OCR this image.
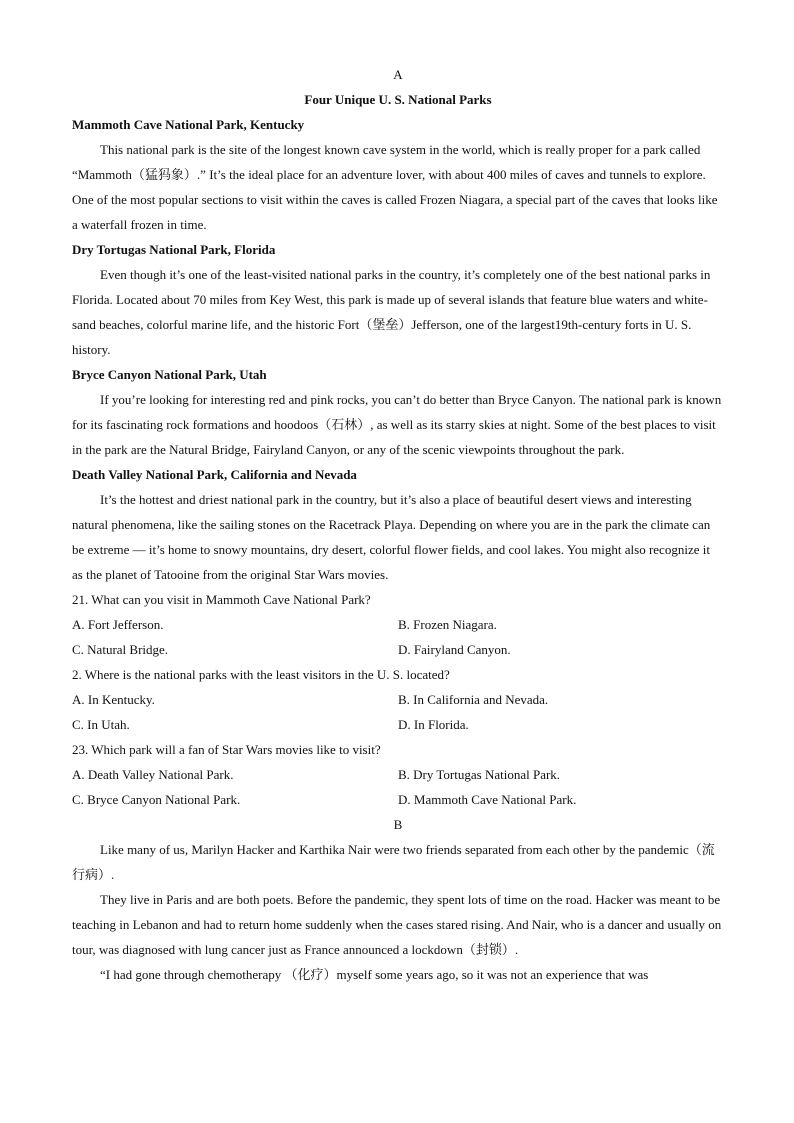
A

Four Unique U. S. National Parks

Mammoth Cave National Park, Kentucky

This national park is the site of the longest known cave system in the world, which is really proper for a park called “Mammoth（猛犸象）.” It’s the ideal place for an adventure lover, with about 400 miles of caves and tunnels to explore. One of the most popular sections to visit within the caves is called Frozen Niagara, a special part of the caves that looks like a waterfall frozen in time.

Dry Tortugas National Park, Florida

Even though it’s one of the least-visited national parks in the country, it’s completely one of the best national parks in Florida. Located about 70 miles from Key West, this park is made up of several islands that feature blue waters and white-sand beaches, colorful marine life, and the historic Fort（堡垒）Jefferson, one of the largest19th-century forts in U. S. history.

Bryce Canyon National Park, Utah

If you’re looking for interesting red and pink rocks, you can’t do better than Bryce Canyon. The national park is known for its fascinating rock formations and hoodoos（石林）, as well as its starry skies at night. Some of the best places to visit in the park are the Natural Bridge, Fairyland Canyon, or any of the scenic viewpoints throughout the park.

Death Valley National Park, California and Nevada

It’s the hottest and driest national park in the country, but it’s also a place of beautiful desert views and interesting natural phenomena, like the sailing stones on the Racetrack Playa. Depending on where you are in the park the climate can be extreme — it’s home to snowy mountains, dry desert, colorful flower fields, and cool lakes. You might also recognize it as the planet of Tatooine from the original Star Wars movies.

21. What can you visit in Mammoth Cave National Park?

A. Fort Jefferson.	B. Frozen Niagara.
C. Natural Bridge.	D. Fairyland Canyon.

2. Where is the national parks with the least visitors in the U. S. located?

A. In Kentucky.	B. In California and Nevada.
C. In Utah.	D. In Florida.

23. Which park will a fan of Star Wars movies like to visit?

A. Death Valley National Park.	B. Dry Tortugas National Park.
C. Bryce Canyon National Park.	D. Mammoth Cave National Park.

B

Like many of us, Marilyn Hacker and Karthika Nair were two friends separated from each other by the pandemic（流行病）.

They live in Paris and are both poets. Before the pandemic, they spent lots of time on the road. Hacker was meant to be teaching in Lebanon and had to return home suddenly when the cases stared rising. And Nair, who is a dancer and usually on tour, was diagnosed with lung cancer just as France announced a lockdown（封锁）.

“I had gone through chemotherapy （化疗）myself some years ago, so it was not an experience that was
